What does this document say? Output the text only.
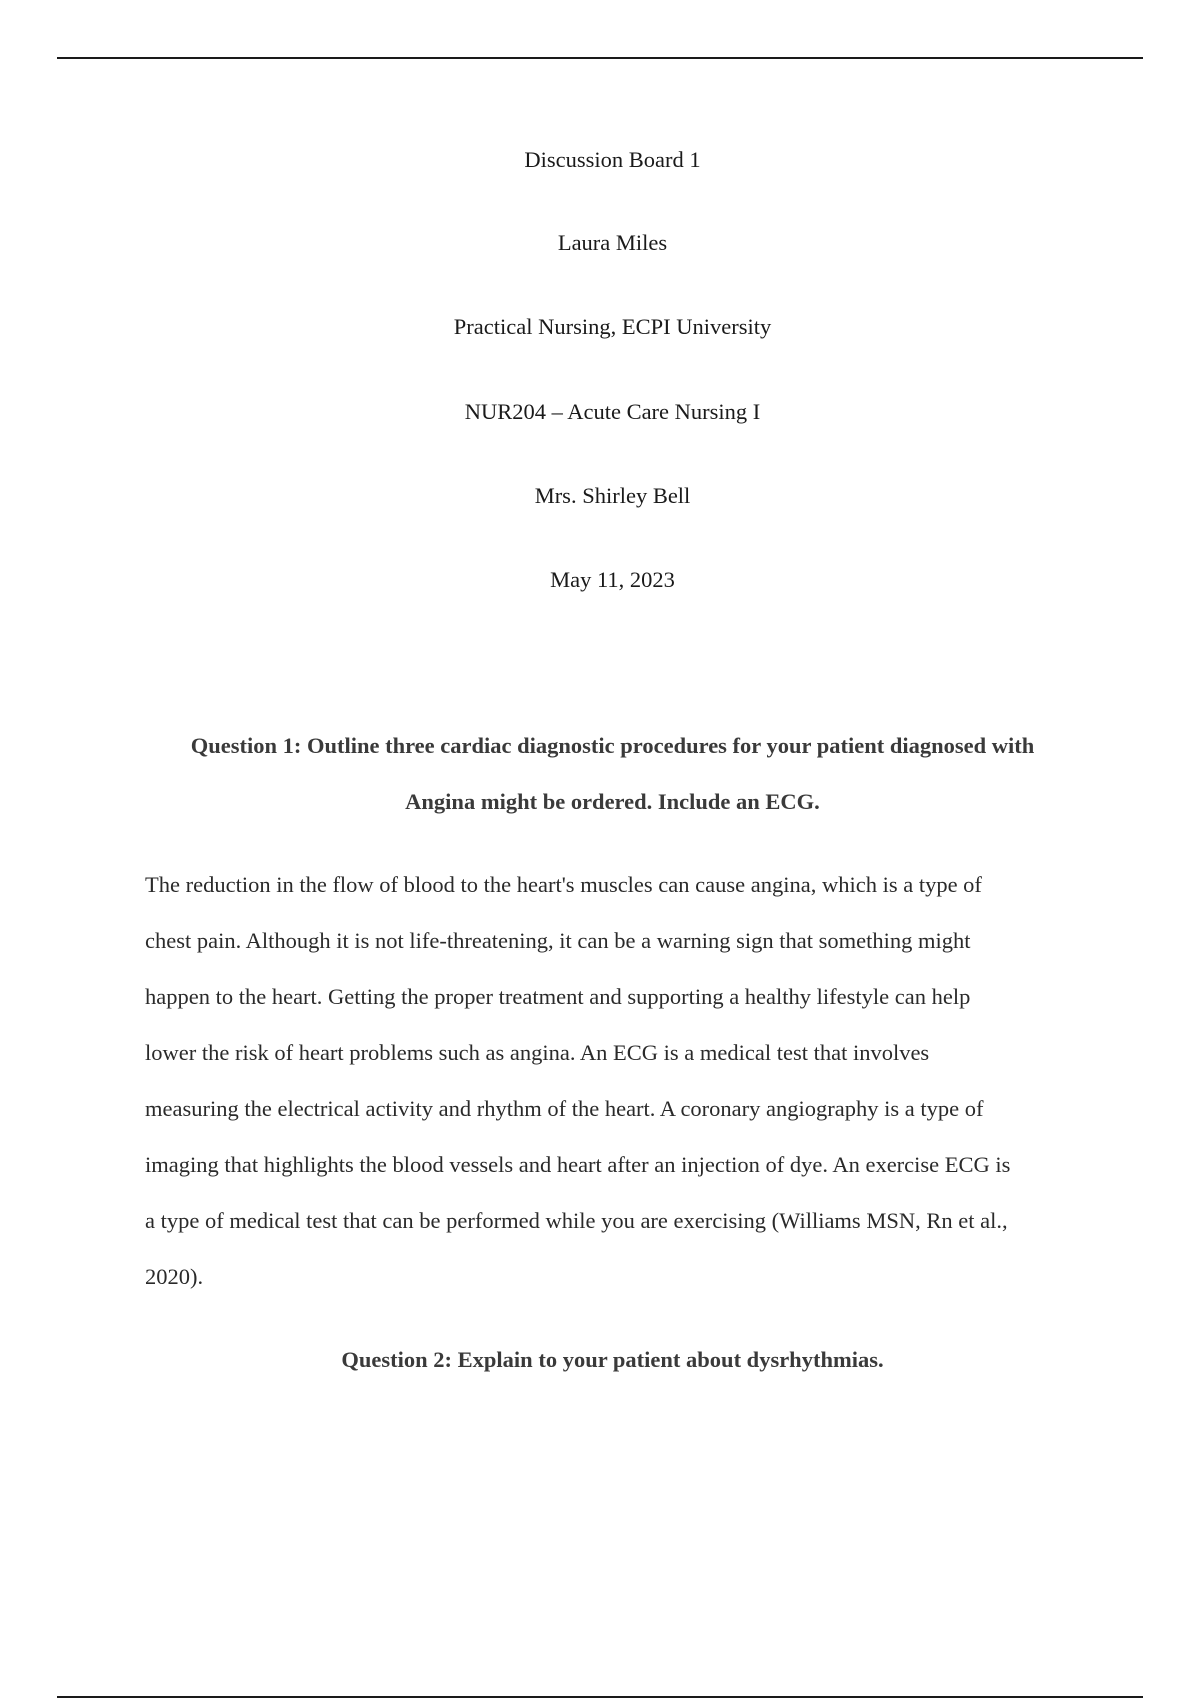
Discussion Board 1
Laura Miles
Practical Nursing, ECPI University
NUR204 – Acute Care Nursing I
Mrs. Shirley Bell
May 11, 2023
Question 1: Outline three cardiac diagnostic procedures for your patient diagnosed with
Angina might be ordered. Include an ECG.
The reduction in the flow of blood to the heart's muscles can cause angina, which is a type of
chest pain. Although it is not life-threatening, it can be a warning sign that something might
happen to the heart. Getting the proper treatment and supporting a healthy lifestyle can help
lower the risk of heart problems such as angina. An ECG is a medical test that involves
measuring the electrical activity and rhythm of the heart. A coronary angiography is a type of
imaging that highlights the blood vessels and heart after an injection of dye. An exercise ECG is
a type of medical test that can be performed while you are exercising (Williams MSN, Rn et al.,
2020).
Question 2: Explain to your patient about dysrhythmias.
